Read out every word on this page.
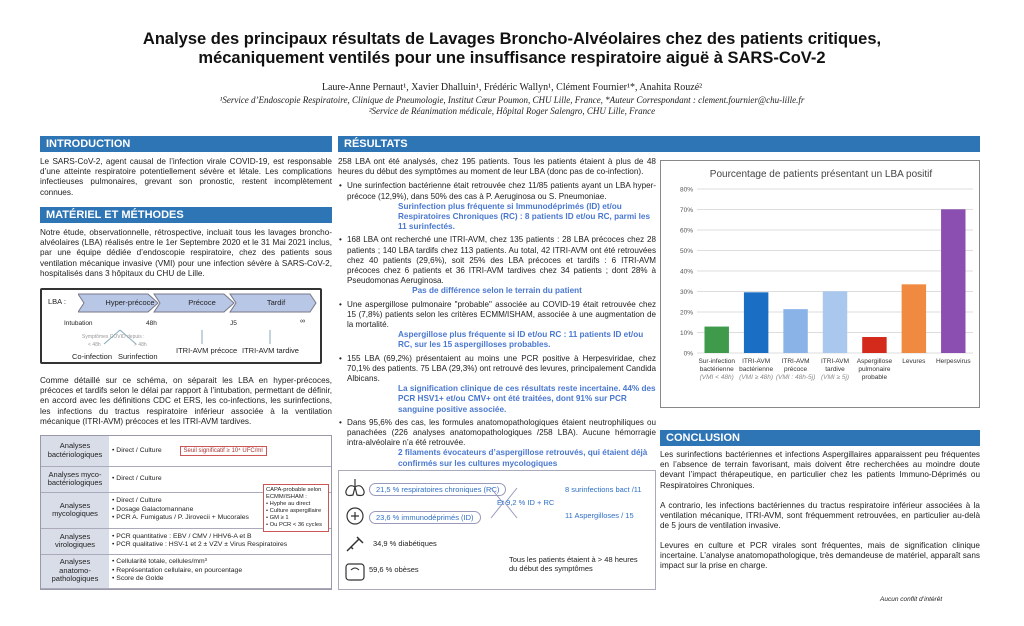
Analyse des principaux résultats de Lavages Broncho-Alvéolaires chez des patients critiques,
mécaniquement ventilés pour une insuffisance respiratoire aiguë à SARS-CoV-2
Laure-Anne Pernaut¹, Xavier Dhalluin¹, Frédéric Wallyn¹, Clément Fournier¹*, Anahita Rouzé²
¹Service d’Endoscopie Respiratoire, Clinique de Pneumologie, Institut Cœur Poumon, CHU Lille, France, *Auteur Correspondant : clement.fournier@chu-lille.fr
²Service de Réanimation médicale, Hôpital Roger Salengro, CHU Lille, France
INTRODUCTION
Le SARS-CoV-2, agent causal de l’infection virale COVID-19, est responsable d’une atteinte respiratoire potentiellement sévère et létale. Les complications infectieuses pulmonaires, grevant son pronostic, restent incomplètement connues.
MATÉRIEL ET MÉTHODES
Notre étude, observationnelle, rétrospective, incluait tous les lavages broncho-alvéolaires (LBA) réalisés entre le 1er Septembre 2020 et le 31 Mai 2021 inclus, par une équipe dédiée d’endoscopie respiratoire, chez des patients sous ventilation mécanique invasive (VMI) pour une infection sévère à SARS-CoV-2, hospitalisés dans 3 hôpitaux du CHU de Lille.
LBA :	Hyper-précoce	Précoce	Tardif
Intubation	48h	J5	∞
Symptômes COVID depuis :
< 48h	> 48h
Co-infection Surinfection
ITRI-AVM précoce ITRI-AVM tardive
Comme détaillé sur ce schéma, on séparait les LBA en hyper-précoces, précoces et tardifs selon le délai par rapport à l’intubation, permettant de définir, en accord avec les définitions CDC et ERS, les co-infections, les surinfections, les infections du tractus respiratoire inférieur associée à la ventilation mécanique (ITRI-AVM) précoces et les ITRI-AVM tardives.
Analyses bactériologiques	• Direct / Culture Seuil significatif ≥ 10⁴ UFC/ml
Analyses myco-bactériologiques	• Direct / Culture
Analyses mycologiques	• Direct / Culture
• Dosage Galactomannane
• PCR A. Fumigatus / P. Jirovecii + Mucorales
Analyses virologiques	• PCR quantitative : EBV / CMV / HHV6-A et B
• PCR qualitative : HSV-1 et 2 ± VZV ± Virus Respiratoires
Analyses anatomo-pathologiques	• Cellularité totale, cellules/mm³
• Représentation cellulaire, en pourcentage
• Score de Golde
CAPA-probable selon ECMM/ISHAM :
• Hyphe au direct
• Culture aspergillaire
• GM ≥ 1
• Ou PCR < 36 cycles
RÉSULTATS
258 LBA ont été analysés, chez 195 patients. Tous les patients étaient à plus de 48 heures du début des symptômes au moment de leur LBA (donc pas de co-infection).
• Une surinfection bactérienne était retrouvée chez 11/85 patients ayant un LBA hyper-précoce (12,9%), dans 50% des cas à P. Aeruginosa ou S. Pneumoniae.
Surinfection plus fréquente si Immunodéprimés (ID) et/ou Respiratoires Chroniques (RC) : 8 patients ID et/ou RC, parmi les 11 surinfectés.
• 168 LBA ont recherché une ITRI-AVM, chez 135 patients : 28 LBA précoces chez 28 patients ; 140 LBA tardifs chez 113 patients. Au total, 42 ITRI-AVM ont été retrouvées chez 40 patients (29,6%), soit 25% des LBA précoces et tardifs : 6 ITRI-AVM précoces chez 6 patients et 36 ITRI-AVM tardives chez 34 patients ; dont 28% à Pseudomonas Aeruginosa.
Pas de différence selon le terrain du patient
• Une aspergillose pulmonaire "probable" associée au COVID-19 était retrouvée chez 15 (7,8%) patients selon les critères ECMM/ISHAM, associée à une augmentation de la mortalité.
Aspergillose plus fréquente si ID et/ou RC : 11 patients ID et/ou RC, sur les 15 aspergilloses probables.
• 155 LBA (69,2%) présentaient au moins une PCR positive à Herpesviridae, chez 70,1% des patients. 75 LBA (29,3%) ont retrouvé des levures, principalement Candida Albicans.
La signification clinique de ces résultats reste incertaine. 44% des PCR HSV1+ et/ou CMV+ ont été traitées, dont 91% sur PCR sanguine positive associée.
• Dans 95,6% des cas, les formules anatomopathologiques étaient neutrophiliques ou panachées (226 analyses anatomopathologiques /258 LBA). Aucune hémorragie intra-alvéolaire n’a été retrouvée.
2 filaments évocateurs d’aspergillose retrouvés, qui étaient déjà confirmés sur les cultures mycologiques
21,5 % respiratoires chroniques (RC)
23,6 % immunodéprimés (ID)
Et 9,2 % ID + RC
8 surinfections bact /11
11 Aspergilloses / 15
34,9 % diabétiques
59,6 % obèses
Tous les patients étaient à > 48 heures du début des symptômes
Pourcentage de patients présentant un LBA positif
0%
10%
20%
30%
40%
50%
60%
70%
80%
Sur-infection bactérienne (VMI < 48h)
ITRI-AVM bactérienne (VMI ≥ 48h)
ITRI-AVM précoce (VMI : 48h-5j)
ITRI-AVM tardive (VMI ≥ 5j)
Aspergillose pulmonaire probable
Levures Herpesvirus
CONCLUSION
Les surinfections bactériennes et infections Aspergillaires apparaissent peu fréquentes en l’absence de terrain favorisant, mais doivent être recherchées au moindre doute devant l’impact thérapeutique, en particulier chez les patients Immuno-Déprimés ou Respiratoires Chroniques.
A contrario, les infections bactériennes du tractus respiratoire inférieur associées à la ventilation mécanique, ITRI-AVM, sont fréquemment retrouvées, en particulier au-delà de 5 jours de ventilation invasive.
Levures en culture et PCR virales sont fréquentes, mais de signification clinique incertaine. L’analyse anatomopathologique, très demandeuse de matériel, apparaît sans impact sur la prise en charge.
Aucun conflit d’intérêt
